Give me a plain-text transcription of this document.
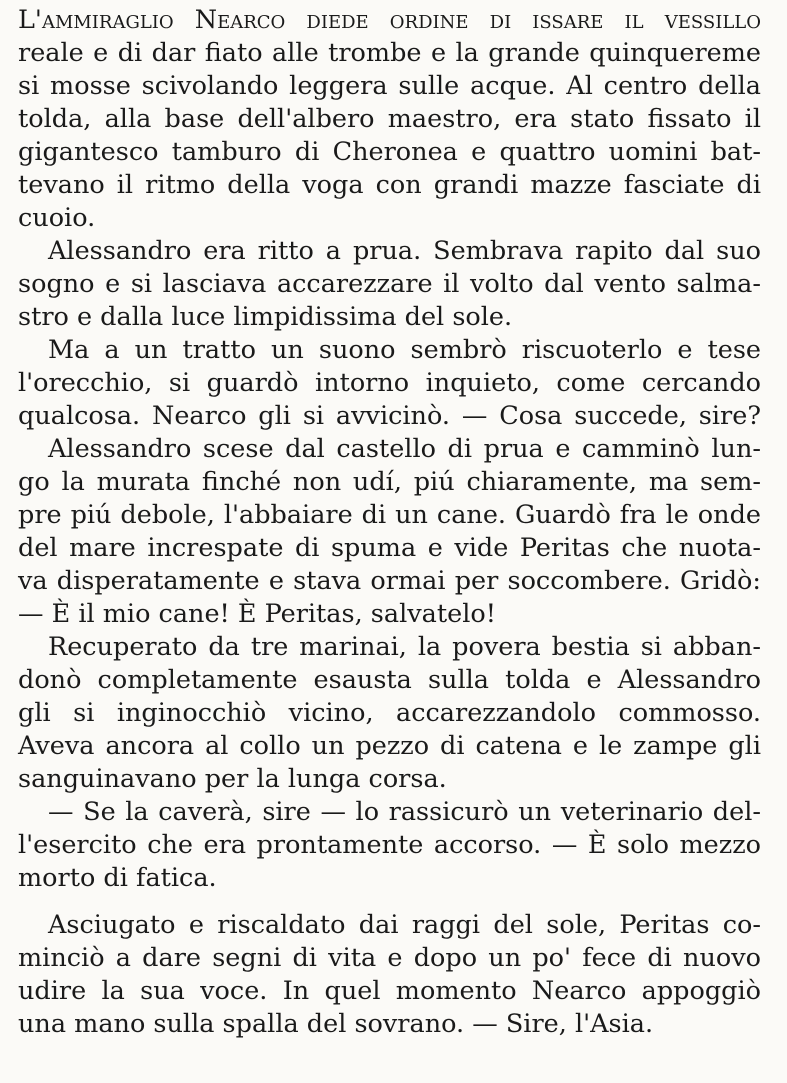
L'ammiraglio Nearco diede ordine di issare il vessillo
reale e di dar fiato alle trombe e la grande quinquereme
si mosse scivolando leggera sulle acque. Al centro della
tolda, alla base dell'albero maestro, era stato fissato il
gigantesco tamburo di Cheronea e quattro uomini bat-
tevano il ritmo della voga con grandi mazze fasciate di
cuoio.
Alessandro era ritto a prua. Sembrava rapito dal suo
sogno e si lasciava accarezzare il volto dal vento salma-
stro e dalla luce limpidissima del sole.
Ma a un tratto un suono sembrò riscuoterlo e tese
l'orecchio, si guardò intorno inquieto, come cercando
qualcosa. Nearco gli si avvicinò. — Cosa succede, sire?
Alessandro scese dal castello di prua e camminò lun-
go la murata finché non udí, piú chiaramente, ma sem-
pre piú debole, l'abbaiare di un cane. Guardò fra le onde
del mare increspate di spuma e vide Peritas che nuota-
va disperatamente e stava ormai per soccombere. Gridò:
— È il mio cane! È Peritas, salvatelo!
Recuperato da tre marinai, la povera bestia si abban-
donò completamente esausta sulla tolda e Alessandro
gli si inginocchiò vicino, accarezzandolo commosso.
Aveva ancora al collo un pezzo di catena e le zampe gli
sanguinavano per la lunga corsa.
— Se la caverà, sire — lo rassicurò un veterinario del-
l'esercito che era prontamente accorso. — È solo mezzo
morto di fatica.
Asciugato e riscaldato dai raggi del sole, Peritas co-
minciò a dare segni di vita e dopo un po' fece di nuovo
udire la sua voce. In quel momento Nearco appoggiò
una mano sulla spalla del sovrano. — Sire, l'Asia.
